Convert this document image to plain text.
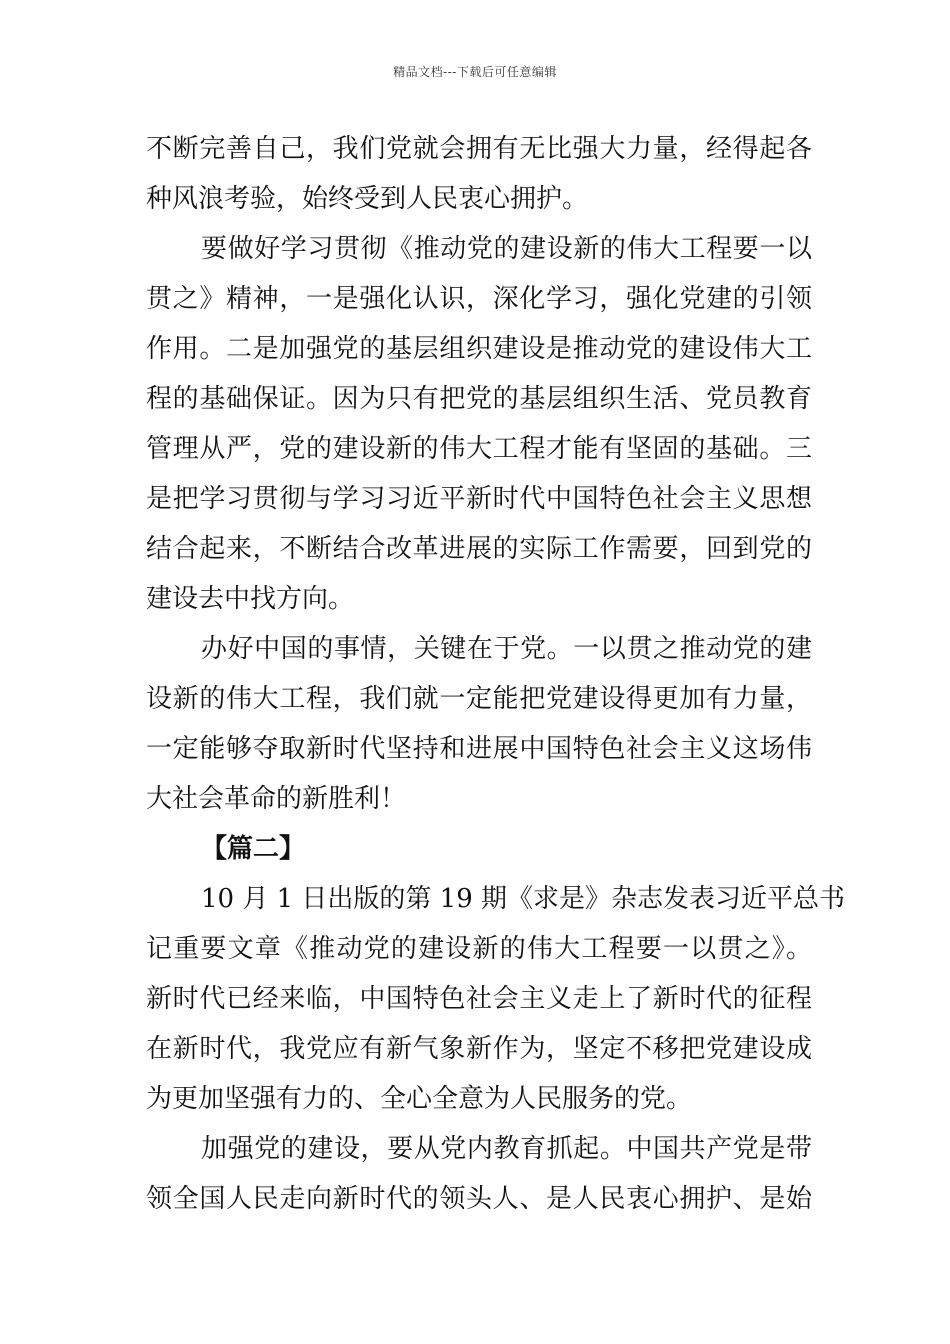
精品文档---下载后可任意编辑
不断完善自己，我们党就会拥有无比强大力量，经得起各
种风浪考验，始终受到人民衷心拥护。
要做好学习贯彻《推动党的建设新的伟大工程要一以
贯之》精神，一是强化认识，深化学习，强化党建的引领
作用。二是加强党的基层组织建设是推动党的建设伟大工
程的基础保证。因为只有把党的基层组织生活、党员教育
管理从严，党的建设新的伟大工程才能有坚固的基础。三
是把学习贯彻与学习习近平新时代中国特色社会主义思想
结合起来，不断结合改革进展的实际工作需要，回到党的
建设去中找方向。
办好中国的事情，关键在于党。一以贯之推动党的建
设新的伟大工程，我们就一定能把党建设得更加有力量，
一定能够夺取新时代坚持和进展中国特色社会主义这场伟
大社会革命的新胜利！
【篇二】
10 月 1 日出版的第 19 期《求是》杂志发表习近平总书
记重要文章《推动党的建设新的伟大工程要一以贯之》。
新时代已经来临，中国特色社会主义走上了新时代的征程
在新时代，我党应有新气象新作为，坚定不移把党建设成
为更加坚强有力的、全心全意为人民服务的党。
加强党的建设，要从党内教育抓起。中国共产党是带
领全国人民走向新时代的领头人、是人民衷心拥护、是始
